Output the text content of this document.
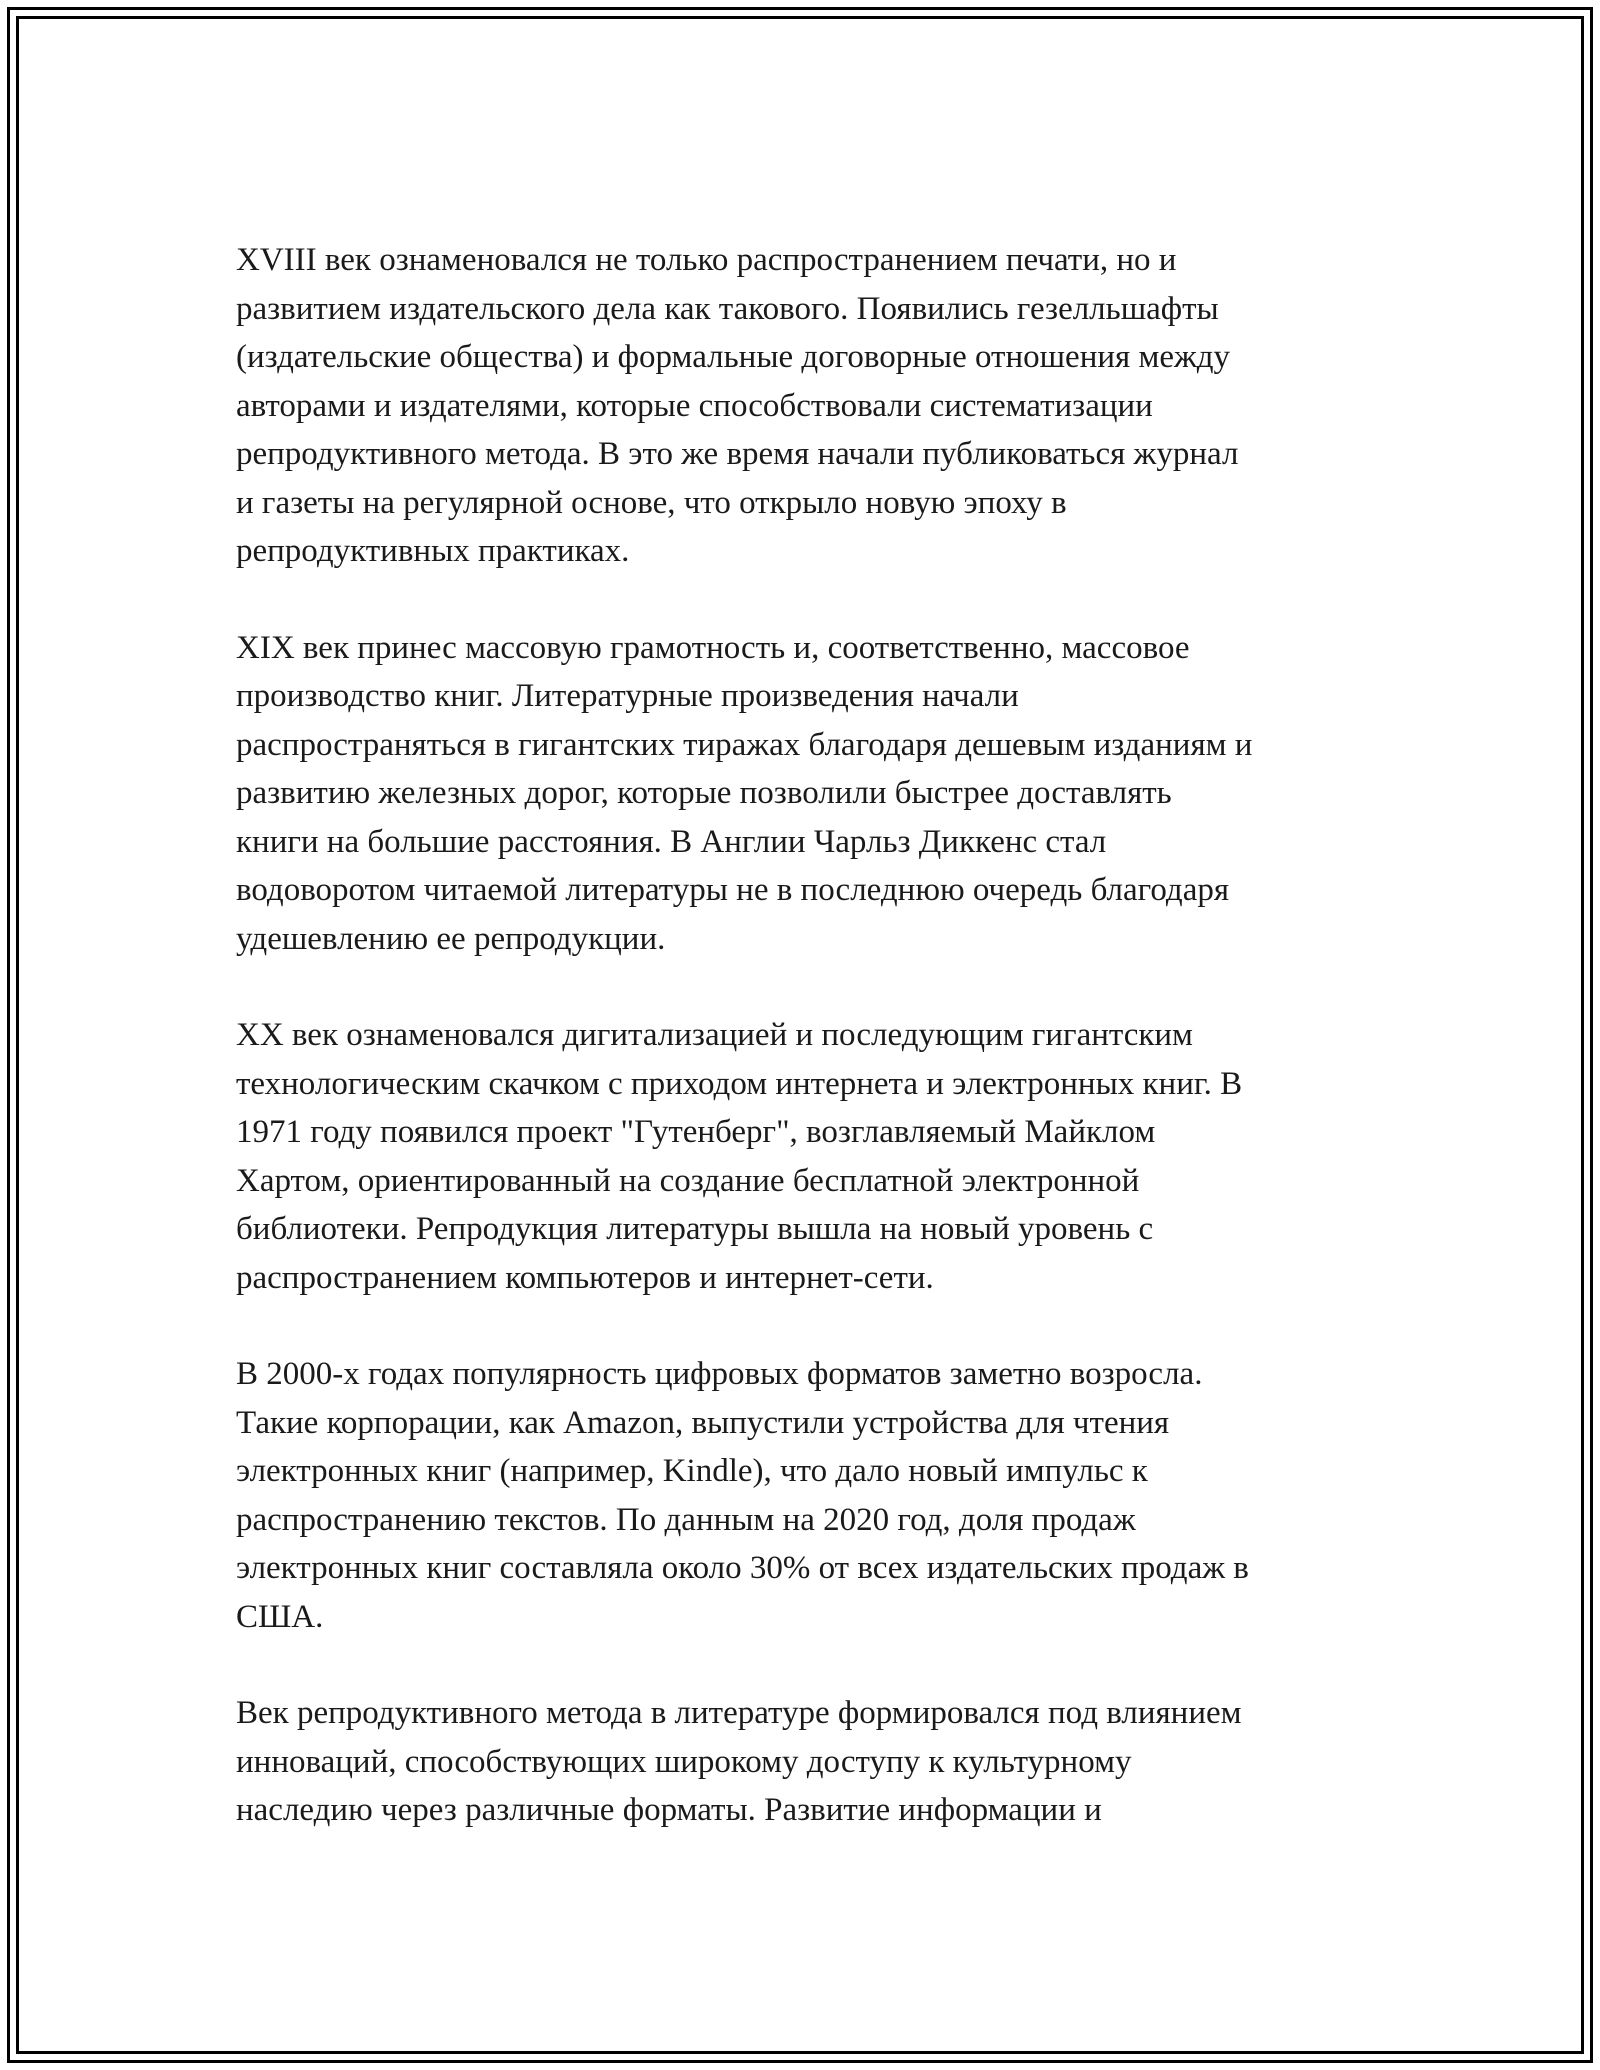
XVIII век ознаменовался не только распространением печати, но и
развитием издательского дела как такового. Появились гезелльшафты
(издательские общества) и формальные договорные отношения между
авторами и издателями, которые способствовали систематизации
репродуктивного метода. В это же время начали публиковаться журнал
и газеты на регулярной основе, что открыло новую эпоху в
репродуктивных практиках.

XIX век принес массовую грамотность и, соответственно, массовое
производство книг. Литературные произведения начали
распространяться в гигантских тиражах благодаря дешевым изданиям и
развитию железных дорог, которые позволили быстрее доставлять
книги на большие расстояния. В Англии Чарльз Диккенс стал
водоворотом читаемой литературы не в последнюю очередь благодаря
удешевлению ее репродукции.

XX век ознаменовался дигитализацией и последующим гигантским
технологическим скачком с приходом интернета и электронных книг. В
1971 году появился проект "Гутенберг", возглавляемый Майклом
Хартом, ориентированный на создание бесплатной электронной
библиотеки. Репродукция литературы вышла на новый уровень с
распространением компьютеров и интернет-сети.

В 2000-х годах популярность цифровых форматов заметно возросла.
Такие корпорации, как Amazon, выпустили устройства для чтения
электронных книг (например, Kindle), что дало новый импульс к
распространению текстов. По данным на 2020 год, доля продаж
электронных книг составляла около 30% от всех издательских продаж в
США.

Век репродуктивного метода в литературе формировался под влиянием
инноваций, способствующих широкому доступу к культурному
наследию через различные форматы. Развитие информации и
